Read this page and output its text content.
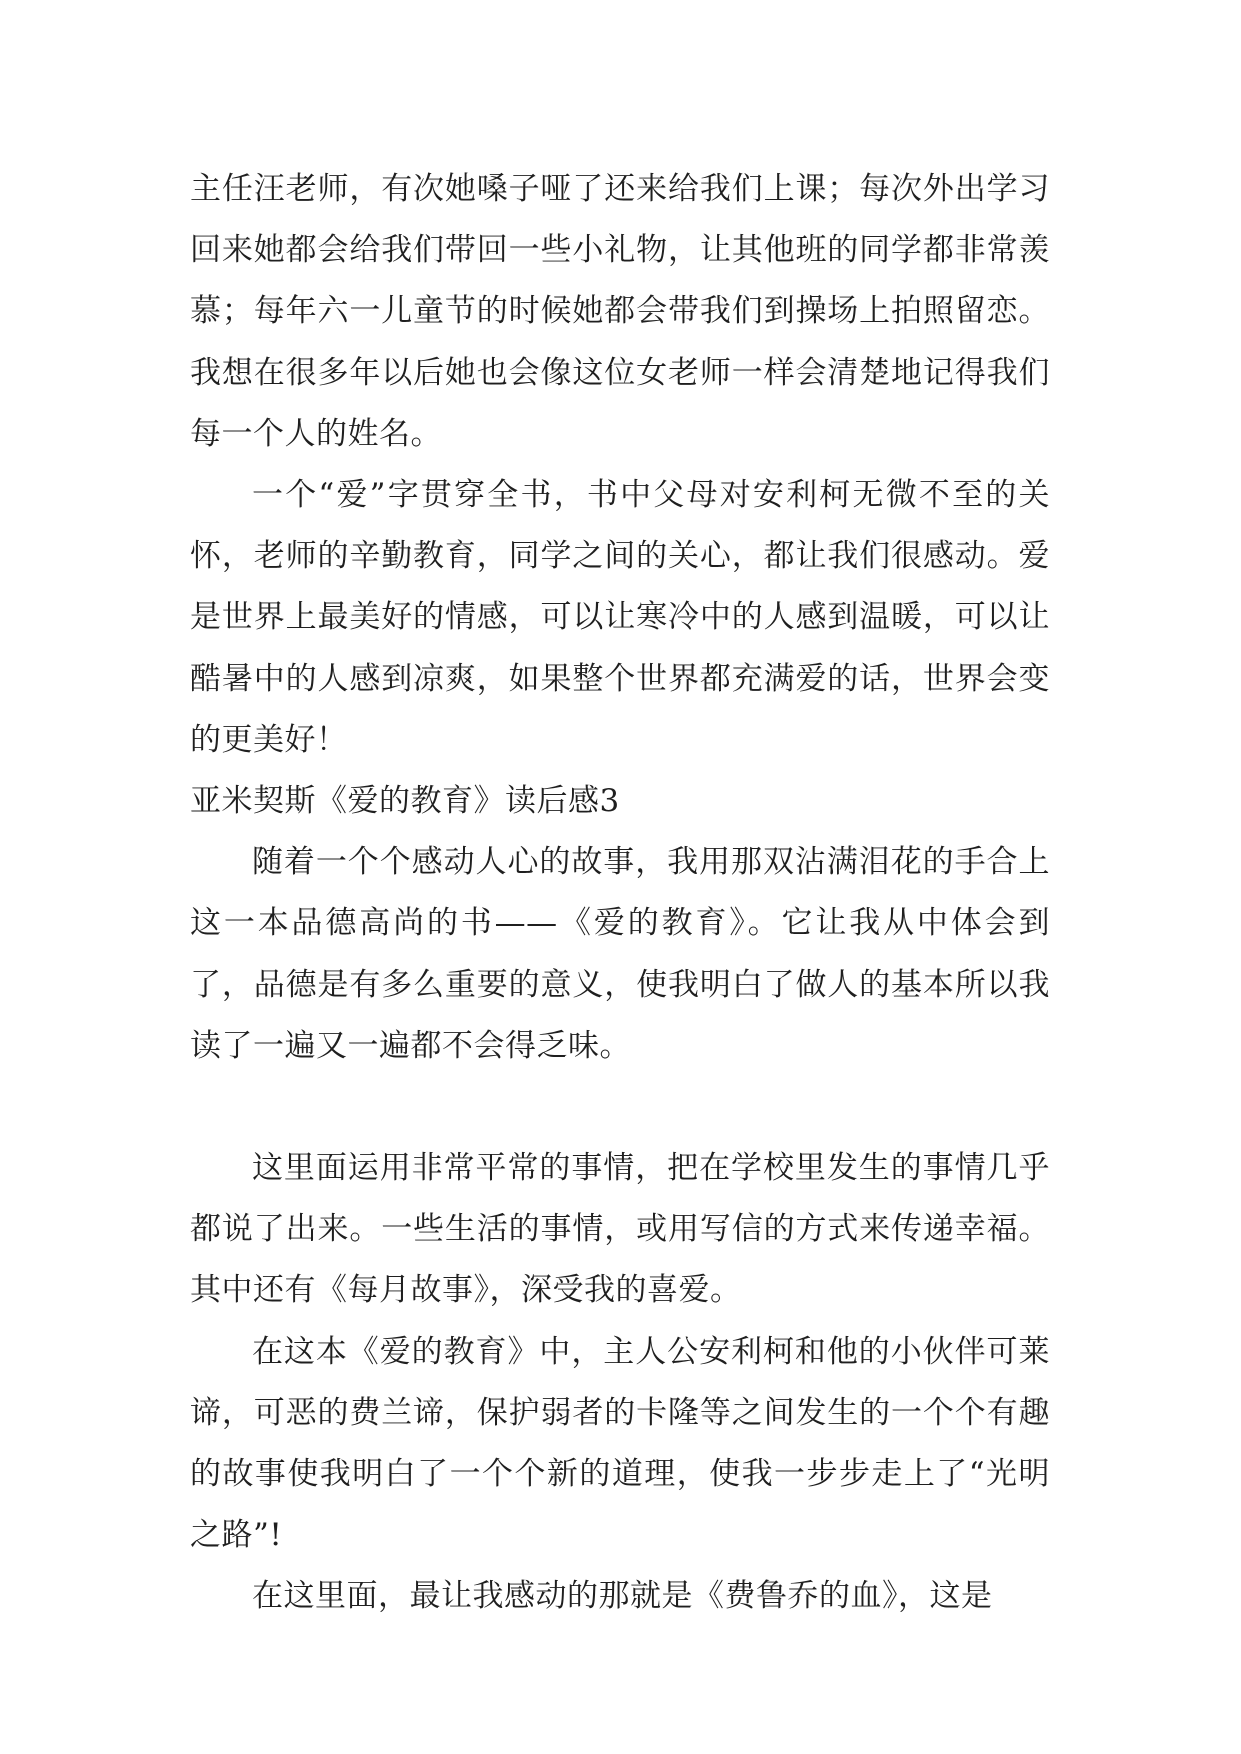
主任汪老师，有次她嗓子哑了还来给我们上课；每次外出学习回来她都会给我们带回一些小礼物，让其他班的同学都非常羡慕；每年六一儿童节的时候她都会带我们到操场上拍照留恋。我想在很多年以后她也会像这位女老师一样会清楚地记得我们每一个人的姓名。

一个“爱”字贯穿全书，书中父母对安利柯无微不至的关怀，老师的辛勤教育，同学之间的关心，都让我们很感动。爱是世界上最美好的情感，可以让寒冷中的人感到温暖，可以让酷暑中的人感到凉爽，如果整个世界都充满爱的话，世界会变的更美好！

亚米契斯《爱的教育》读后感3

随着一个个感动人心的故事，我用那双沾满泪花的手合上这一本品德高尚的书——《爱的教育》。它让我从中体会到了，品德是有多么重要的意义，使我明白了做人的基本所以我读了一遍又一遍都不会得乏味。

这里面运用非常平常的事情，把在学校里发生的事情几乎都说了出来。一些生活的事情，或用写信的方式来传递幸福。其中还有《每月故事》，深受我的喜爱。

在这本《爱的教育》中，主人公安利柯和他的小伙伴可莱谛，可恶的费兰谛，保护弱者的卡隆等之间发生的一个个有趣的故事使我明白了一个个新的道理，使我一步步走上了“光明之路”!

在这里面，最让我感动的那就是《费鲁乔的血》，这是
